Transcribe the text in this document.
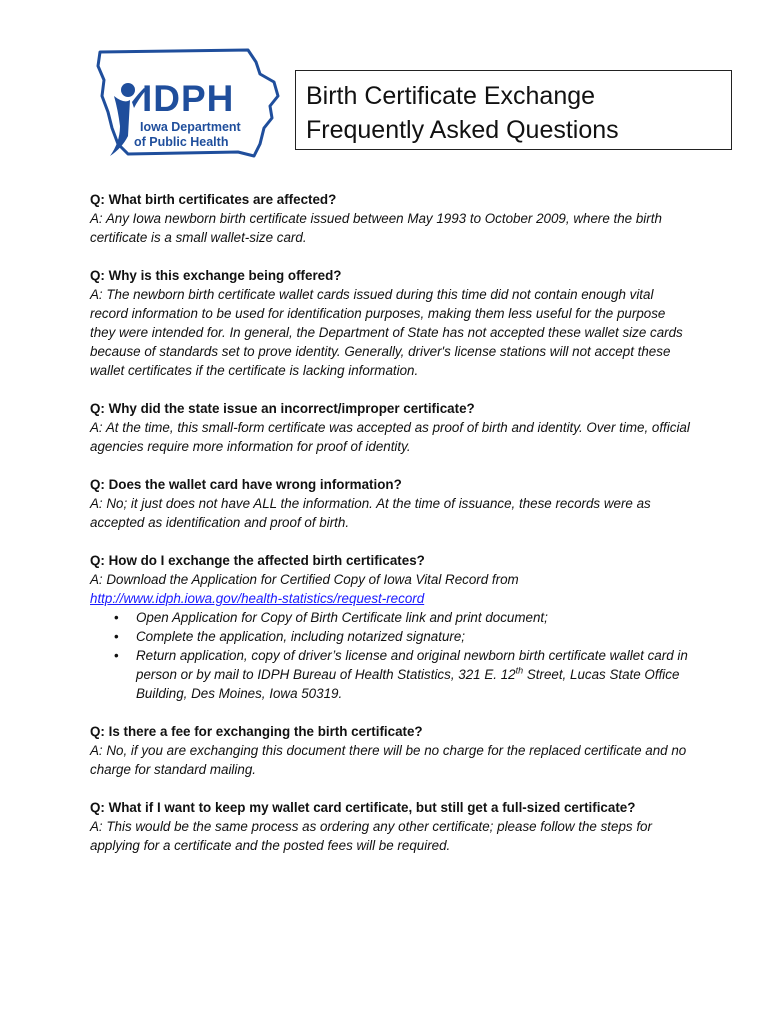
IDPH
Iowa Department
of Public Health
Birth Certificate Exchange
Frequently Asked Questions

Q: What birth certificates are affected?

A: Any Iowa newborn birth certificate issued between May 1993 to October 2009, where the birth certificate is a small wallet-size card.

Q: Why is this exchange being offered?

A: The newborn birth certificate wallet cards issued during this time did not contain enough vital record information to be used for identification purposes, making them less useful for the purpose they were intended for. In general, the Department of State has not accepted these wallet size cards because of standards set to prove identity. Generally, driver's license stations will not accept these wallet certificates if the certificate is lacking information.

Q: Why did the state issue an incorrect/improper certificate?

A: At the time, this small-form certificate was accepted as proof of birth and identity. Over time, official agencies require more information for proof of identity.

Q: Does the wallet card have wrong information?

A: No; it just does not have ALL the information. At the time of issuance, these records were as accepted as identification and proof of birth.

Q: How do I exchange the affected birth certificates?

A: Download the Application for Certified Copy of Iowa Vital Record from

http://www.idph.iowa.gov/health-statistics/request-record
• Open Application for Copy of Birth Certificate link and print document;
• Complete the application, including notarized signature;
• Return application, copy of driver’s license and original newborn birth certificate wallet card in person or by mail to IDPH Bureau of Health Statistics, 321 E. 12th Street, Lucas State Office Building, Des Moines, Iowa 50319.

Q: Is there a fee for exchanging the birth certificate?

A: No, if you are exchanging this document there will be no charge for the replaced certificate and no charge for standard mailing.

Q: What if I want to keep my wallet card certificate, but still get a full-sized certificate?

A: This would be the same process as ordering any other certificate; please follow the steps for applying for a certificate and the posted fees will be required.
